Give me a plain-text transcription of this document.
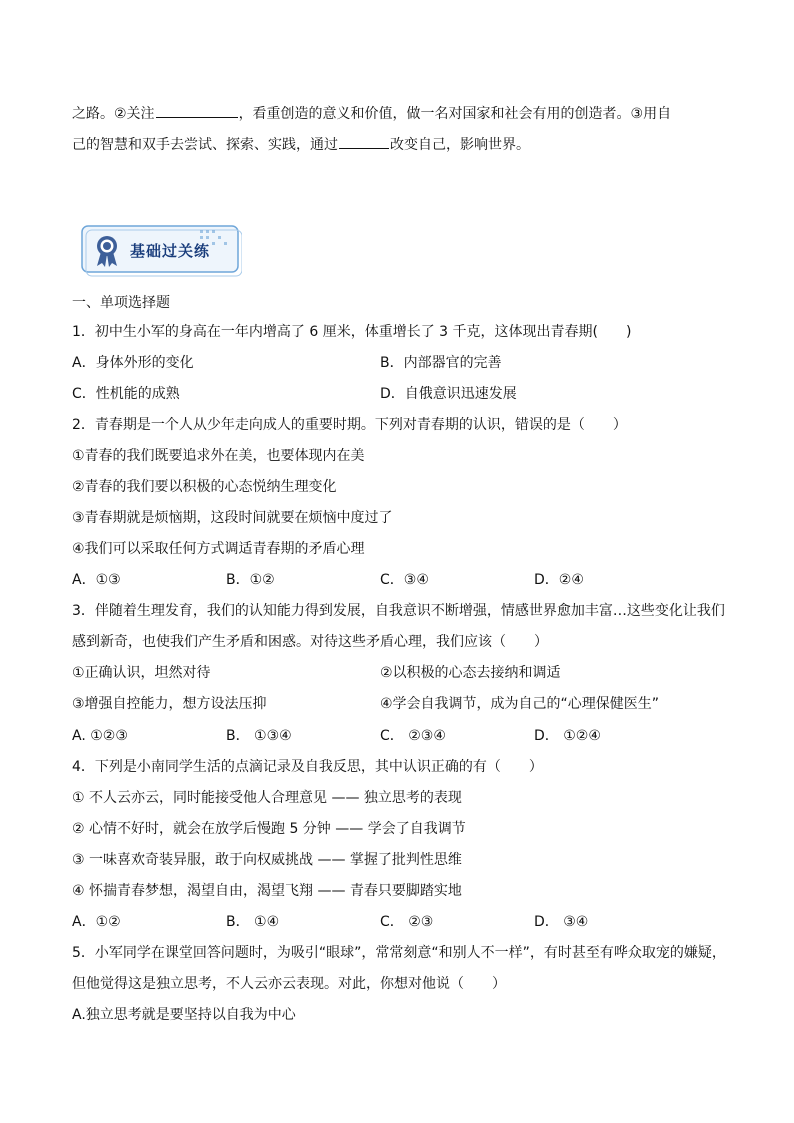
之路。②关注	，看重创造的意义和价值，做一名对国家和社会有用的创造者。③用自
己的智慧和双手去尝试、探索、实践，通过	改变自己，影响世界。
基础过关练
一、单项选择题
1．初中生小军的身高在一年内增高了 6 厘米，体重增长了 3 千克，这体现出青春期(　　)
A．身体外形的变化	B．内部器官的完善
C．性机能的成熟	D．自俄意识迅速发展
2．青春期是一个人从少年走向成人的重要时期。下列对青春期的认识，错误的是（　　）
①青春的我们既要追求外在美，也要体现内在美
②青春的我们要以积极的心态悦纳生理变化
③青春期就是烦恼期，这段时间就要在烦恼中度过了
④我们可以采取任何方式调适青春期的矛盾心理
A．①③	B．①②	C．③④	D．②④
3．伴随着生理发育，我们的认知能力得到发展，自我意识不断增强，情感世界愈加丰富…这些变化让我们
感到新奇，也使我们产生矛盾和困惑。对待这些矛盾心理，我们应该（　　）
①正确认识，坦然对待	②以积极的心态去接纳和调适
③增强自控能力，想方设法压抑	④学会自我调节，成为自己的“心理保健医生”
A. ①②③	B． ①③④	C． ②③④	D． ①②④
4．下列是小南同学生活的点滴记录及自我反思，其中认识正确的有（　　）
① 不人云亦云，同时能接受他人合理意见 —— 独立思考的表现
② 心情不好时，就会在放学后慢跑 5 分钟 —— 学会了自我调节
③ 一味喜欢奇装异服，敢于向权威挑战 —— 掌握了批判性思维
④ 怀揣青春梦想，渴望自由，渴望飞翔 —— 青春只要脚踏实地
A．①②	B． ①④	C． ②③	D． ③④
5．小军同学在课堂回答问题时，为吸引“眼球”，常常刻意“和别人不一样”，有时甚至有哗众取宠的嫌疑，
但他觉得这是独立思考，不人云亦云表现。对此，你想对他说（　　）
A.独立思考就是要坚持以自我为中心
